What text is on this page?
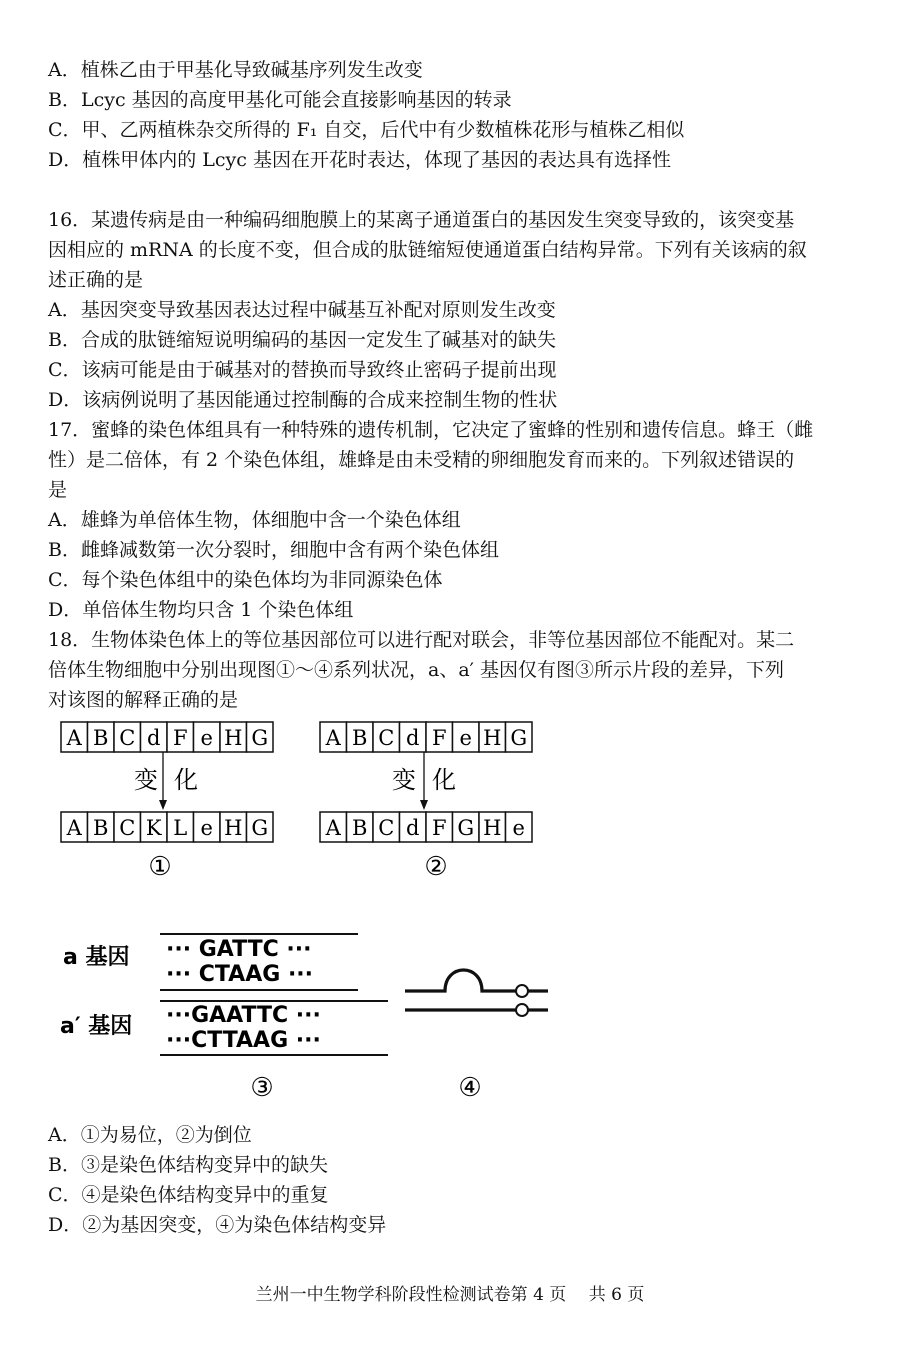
A．植株乙由于甲基化导致碱基序列发生改变
B．Lcyc 基因的高度甲基化可能会直接影响基因的转录
C．甲、乙两植株杂交所得的 F₁ 自交，后代中有少数植株花形与植株乙相似
D．植株甲体内的 Lcyc 基因在开花时表达，体现了基因的表达具有选择性
16．某遗传病是由一种编码细胞膜上的某离子通道蛋白的基因发生突变导致的，该突变基
因相应的 mRNA 的长度不变，但合成的肽链缩短使通道蛋白结构异常。下列有关该病的叙
述正确的是
A．基因突变导致基因表达过程中碱基互补配对原则发生改变
B．合成的肽链缩短说明编码的基因一定发生了碱基对的缺失
C．该病可能是由于碱基对的替换而导致终止密码子提前出现
D．该病例说明了基因能通过控制酶的合成来控制生物的性状
17．蜜蜂的染色体组具有一种特殊的遗传机制，它决定了蜜蜂的性别和遗传信息。蜂王（雌
性）是二倍体，有 2 个染色体组，雄蜂是由未受精的卵细胞发育而来的。下列叙述错误的
是
A．雄蜂为单倍体生物，体细胞中含一个染色体组
B．雌蜂减数第一次分裂时，细胞中含有两个染色体组
C．每个染色体组中的染色体均为非同源染色体
D．单倍体生物均只含 1 个染色体组
18．生物体染色体上的等位基因部位可以进行配对联会，非等位基因部位不能配对。某二
倍体生物细胞中分别出现图①～④系列状况，a、a′ 基因仅有图③所示片段的差异，下列
对该图的解释正确的是
A B C d F e H G
变 化
A B C K L e H G
①
A B C d F e H G
变 化
A B C d F G H e
②
a 基因 ··· GATTC ···
··· CTAAG ···
a′ 基因 ···GAATTC ···
···CTTAAG ···
③	④
A．①为易位，②为倒位
B．③是染色体结构变异中的缺失
C．④是染色体结构变异中的重复
D．②为基因突变，④为染色体结构变异
兰州一中生物学科阶段性检测试卷第 4 页　 共 6 页
